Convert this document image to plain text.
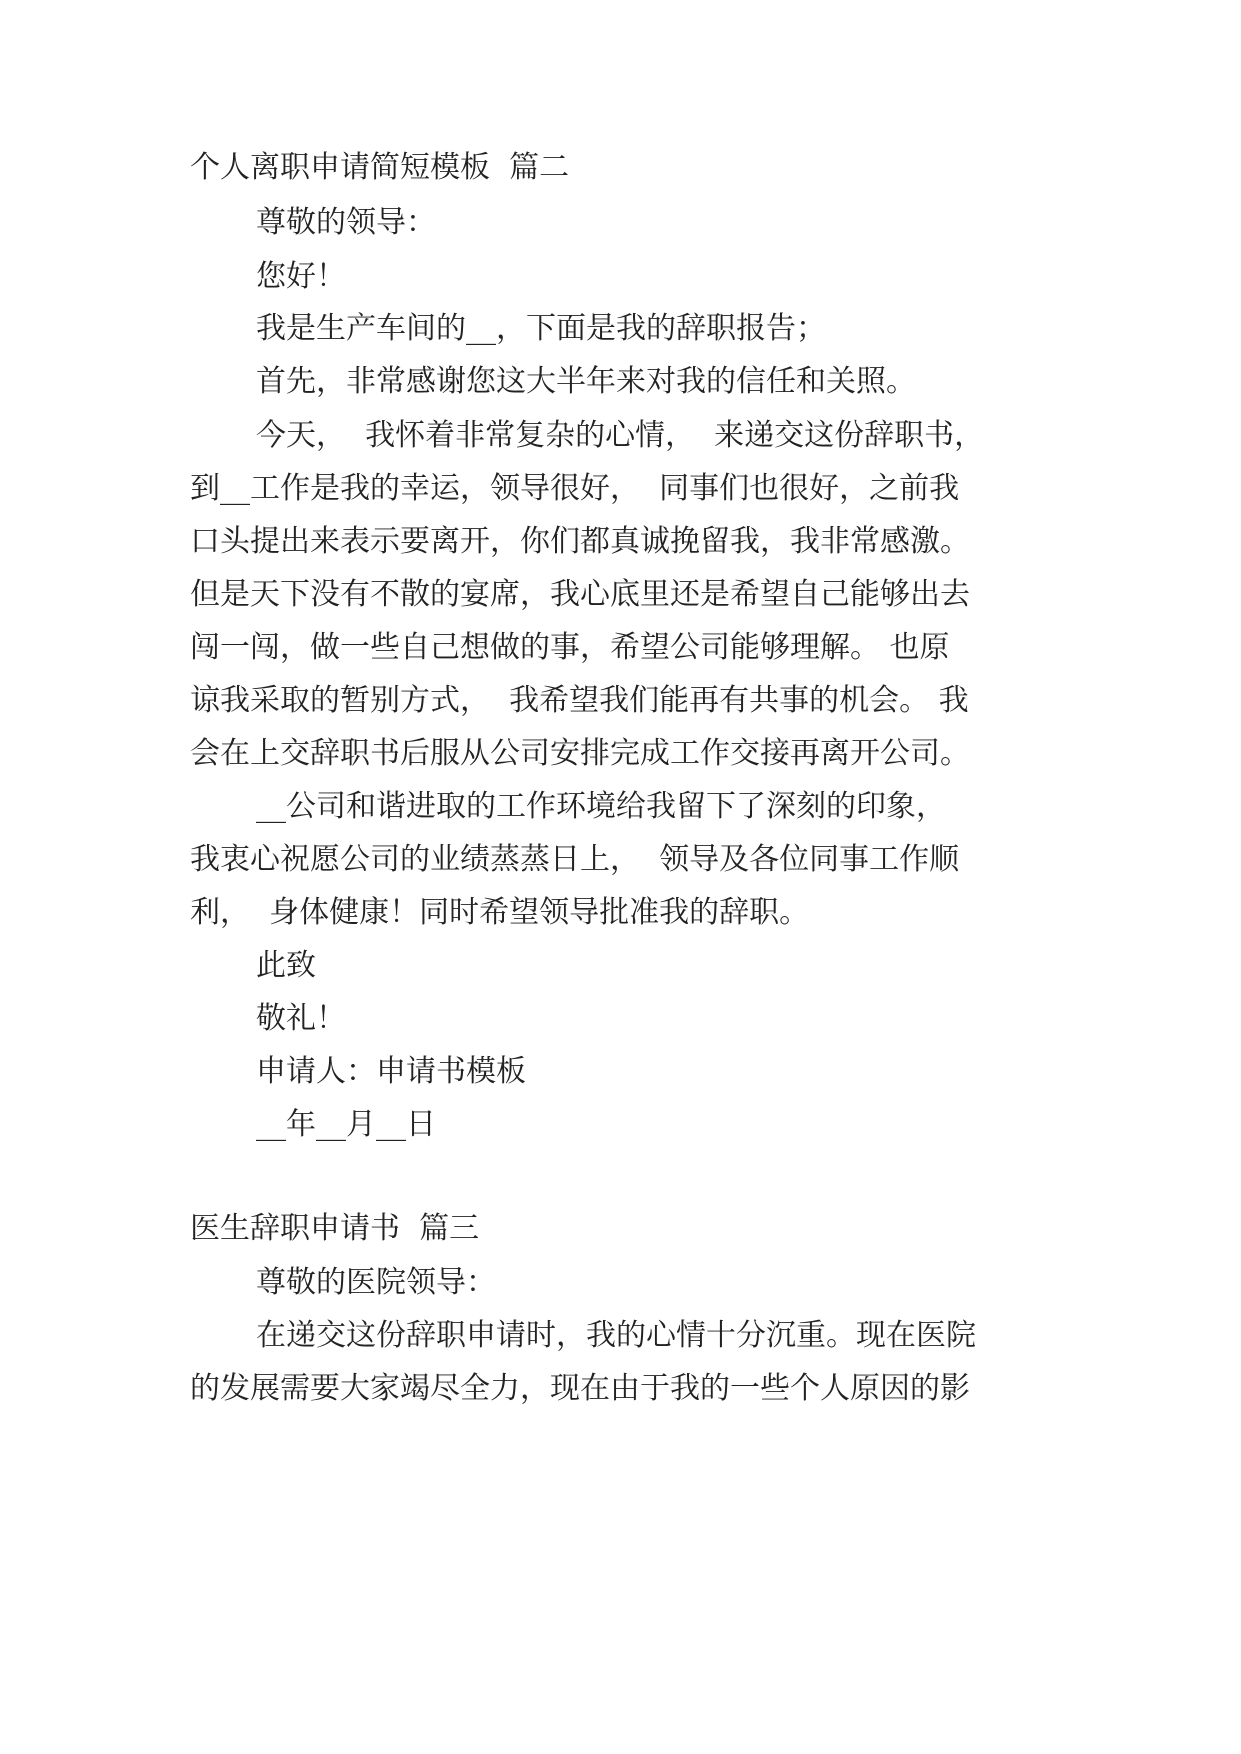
个人离职申请简短模板  篇二
尊敬的领导：
您好！
我是生产车间的__，下面是我的辞职报告；
首先，非常感谢您这大半年来对我的信任和关照。
今天，  我怀着非常复杂的心情，  来递交这份辞职书，
到__工作是我的幸运，领导很好，  同事们也很好，之前我
口头提出来表示要离开，你们都真诚挽留我，我非常感激。
但是天下没有不散的宴席，我心底里还是希望自己能够出去
闯一闯，做一些自己想做的事，希望公司能够理解。 也原
谅我采取的暂别方式，  我希望我们能再有共事的机会。 我
会在上交辞职书后服从公司安排完成工作交接再离开公司。
__公司和谐进取的工作环境给我留下了深刻的印象，
我衷心祝愿公司的业绩蒸蒸日上，  领导及各位同事工作顺
利，  身体健康！同时希望领导批准我的辞职。
此致
敬礼！
申请人：申请书模板
__年__月__日
医生辞职申请书  篇三
尊敬的医院领导：
在递交这份辞职申请时，我的心情十分沉重。现在医院
的发展需要大家竭尽全力，现在由于我的一些个人原因的影
